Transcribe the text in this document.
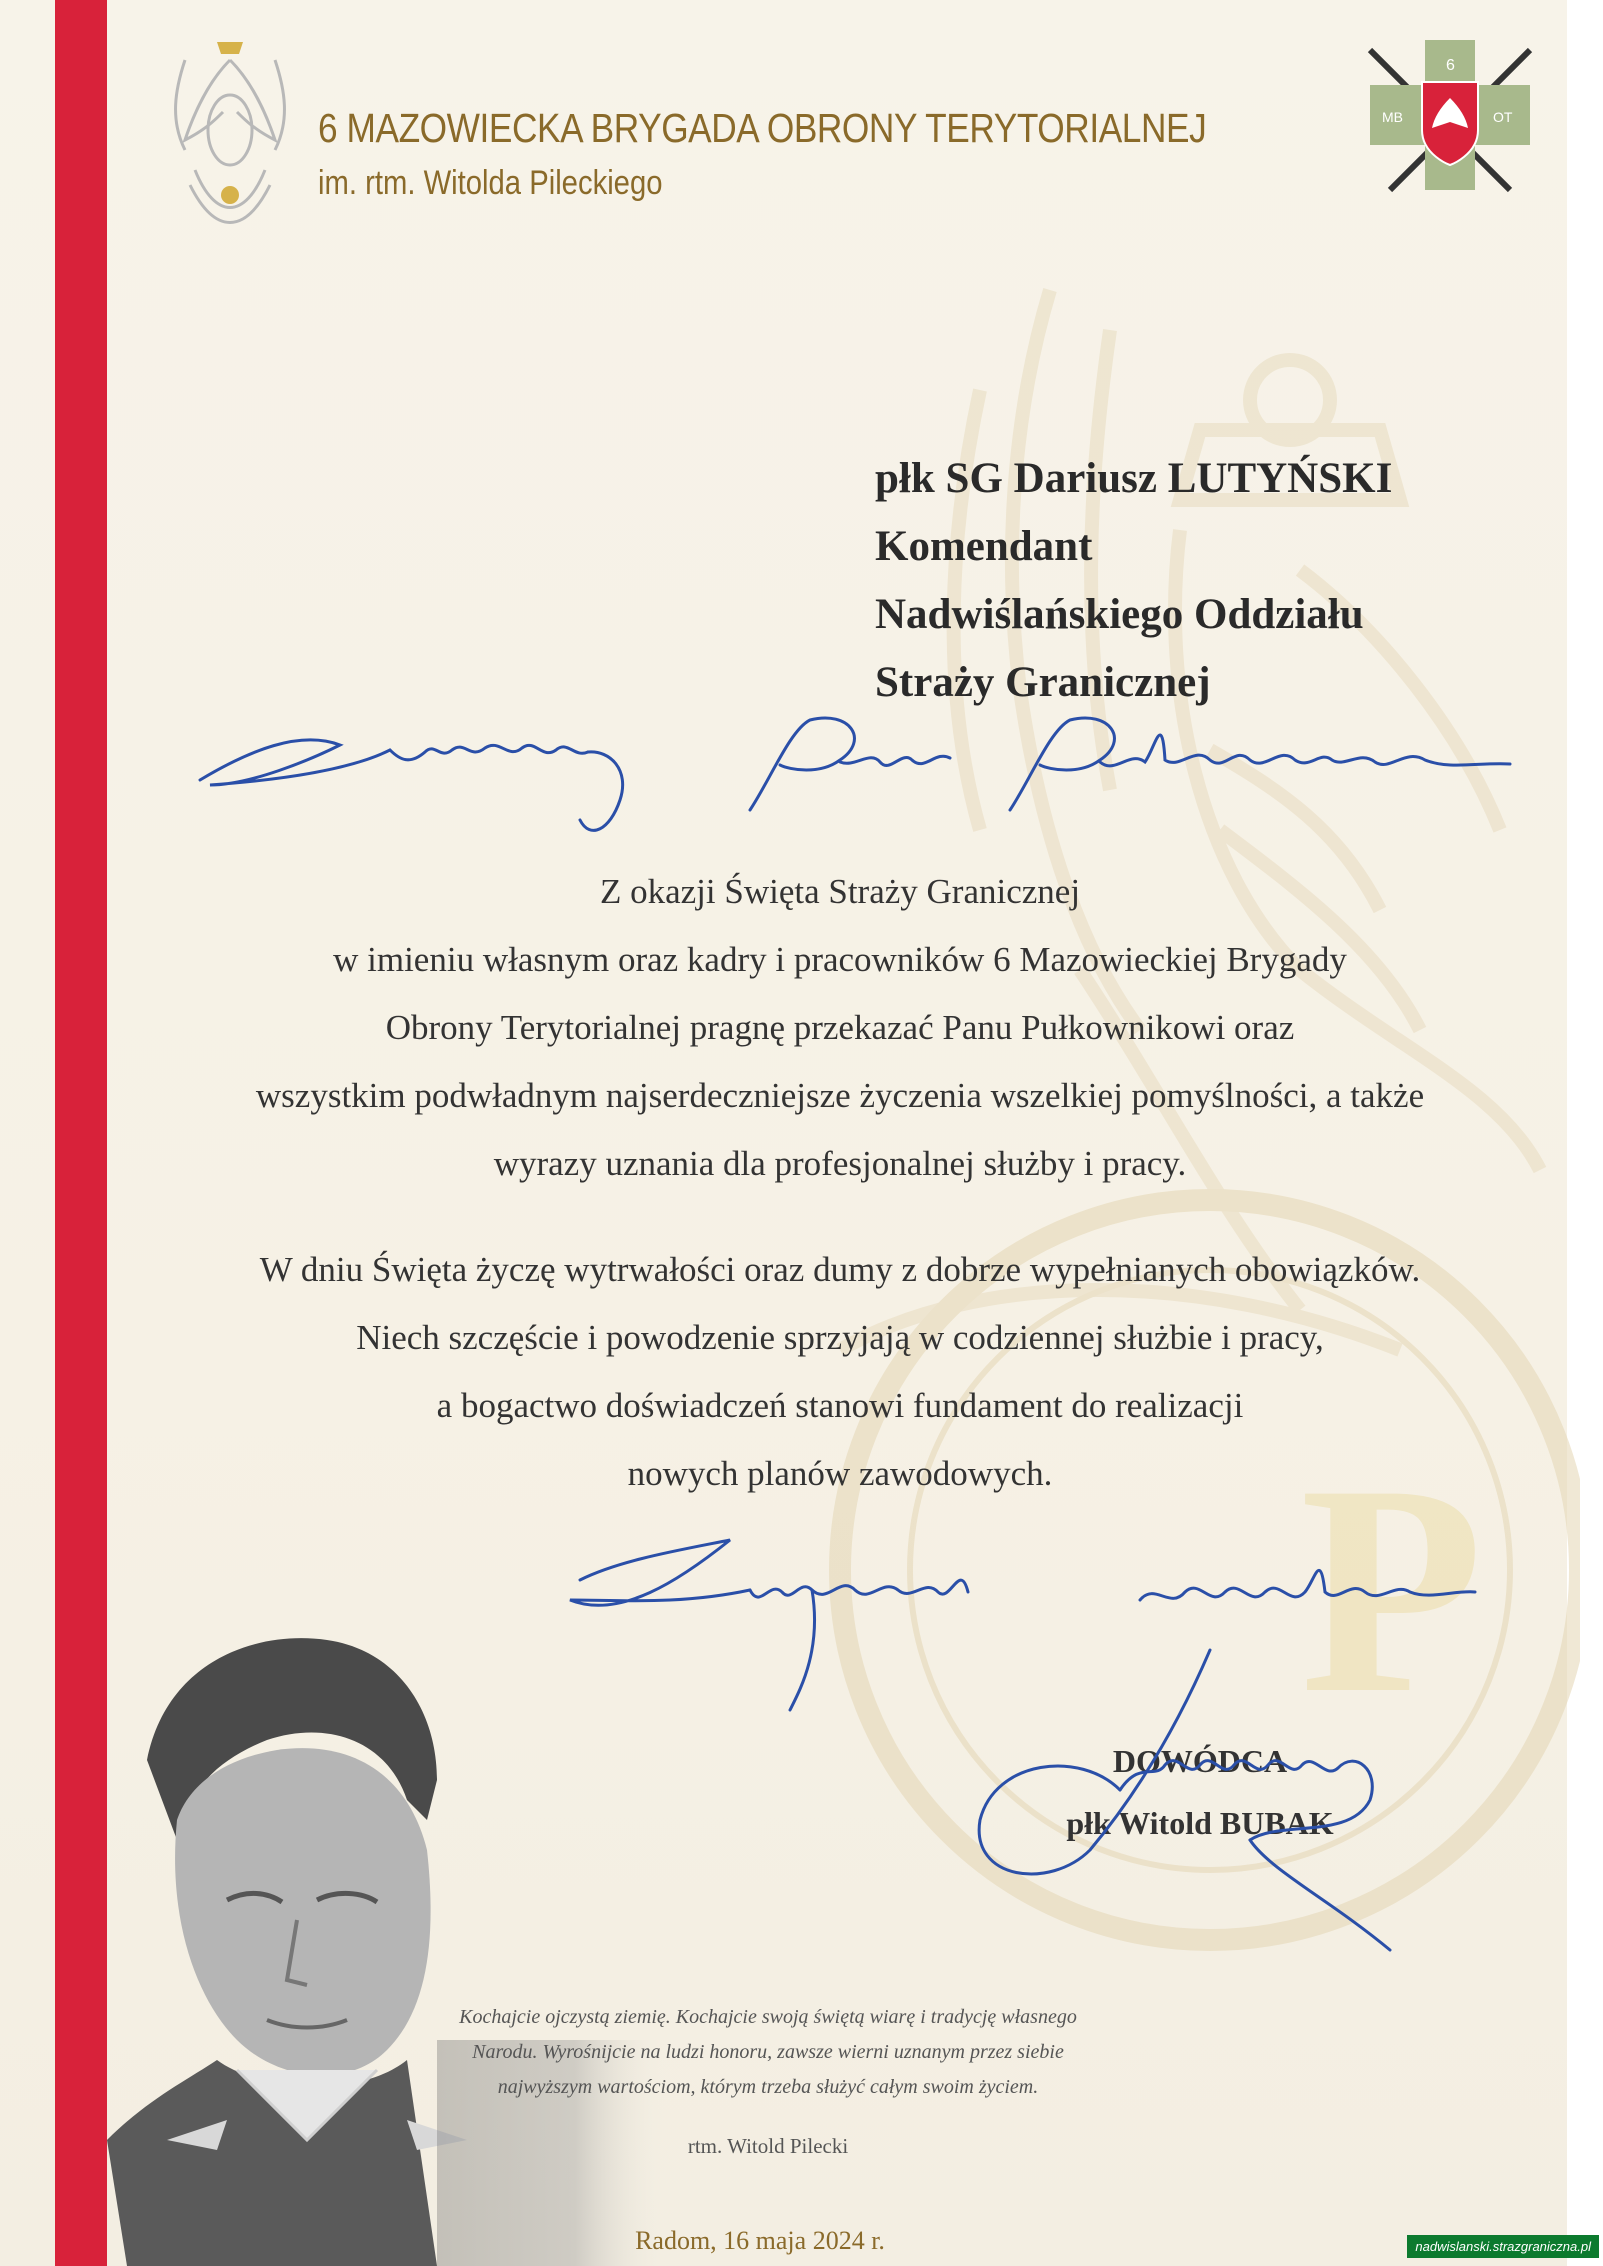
P
6 MAZOWIECKA BRYGADA OBRONY TERYTORIALNEJ
im. rtm. Witolda Pileckiego
6
MB	OT
płk SG Dariusz LUTYŃSKI
Komendant
Nadwiślańskiego Oddziału
Straży Granicznej
Z okazji Święta Straży Granicznej
w imieniu własnym oraz kadry i pracowników 6 Mazowieckiej Brygady
Obrony Terytorialnej pragnę przekazać Panu Pułkownikowi oraz
wszystkim podwładnym najserdeczniejsze życzenia wszelkiej pomyślności, a także
wyrazy uznania dla profesjonalnej służby i pracy.
W dniu Święta życzę wytrwałości oraz dumy z dobrze wypełnianych obowiązków.
Niech szczęście i powodzenie sprzyjają w codziennej służbie i pracy,
a bogactwo doświadczeń stanowi fundament do realizacji
nowych planów zawodowych.
DOWÓDCA
płk Witold BUBAK
Kochajcie ojczystą ziemię. Kochajcie swoją świętą wiarę i tradycję własnego
Narodu. Wyrośnijcie na ludzi honoru, zawsze wierni uznanym przez siebie
najwyższym wartościom, którym trzeba służyć całym swoim życiem.
rtm. Witold Pilecki
Radom, 16 maja 2024 r.	nadwislanski.strazgraniczna.pl
